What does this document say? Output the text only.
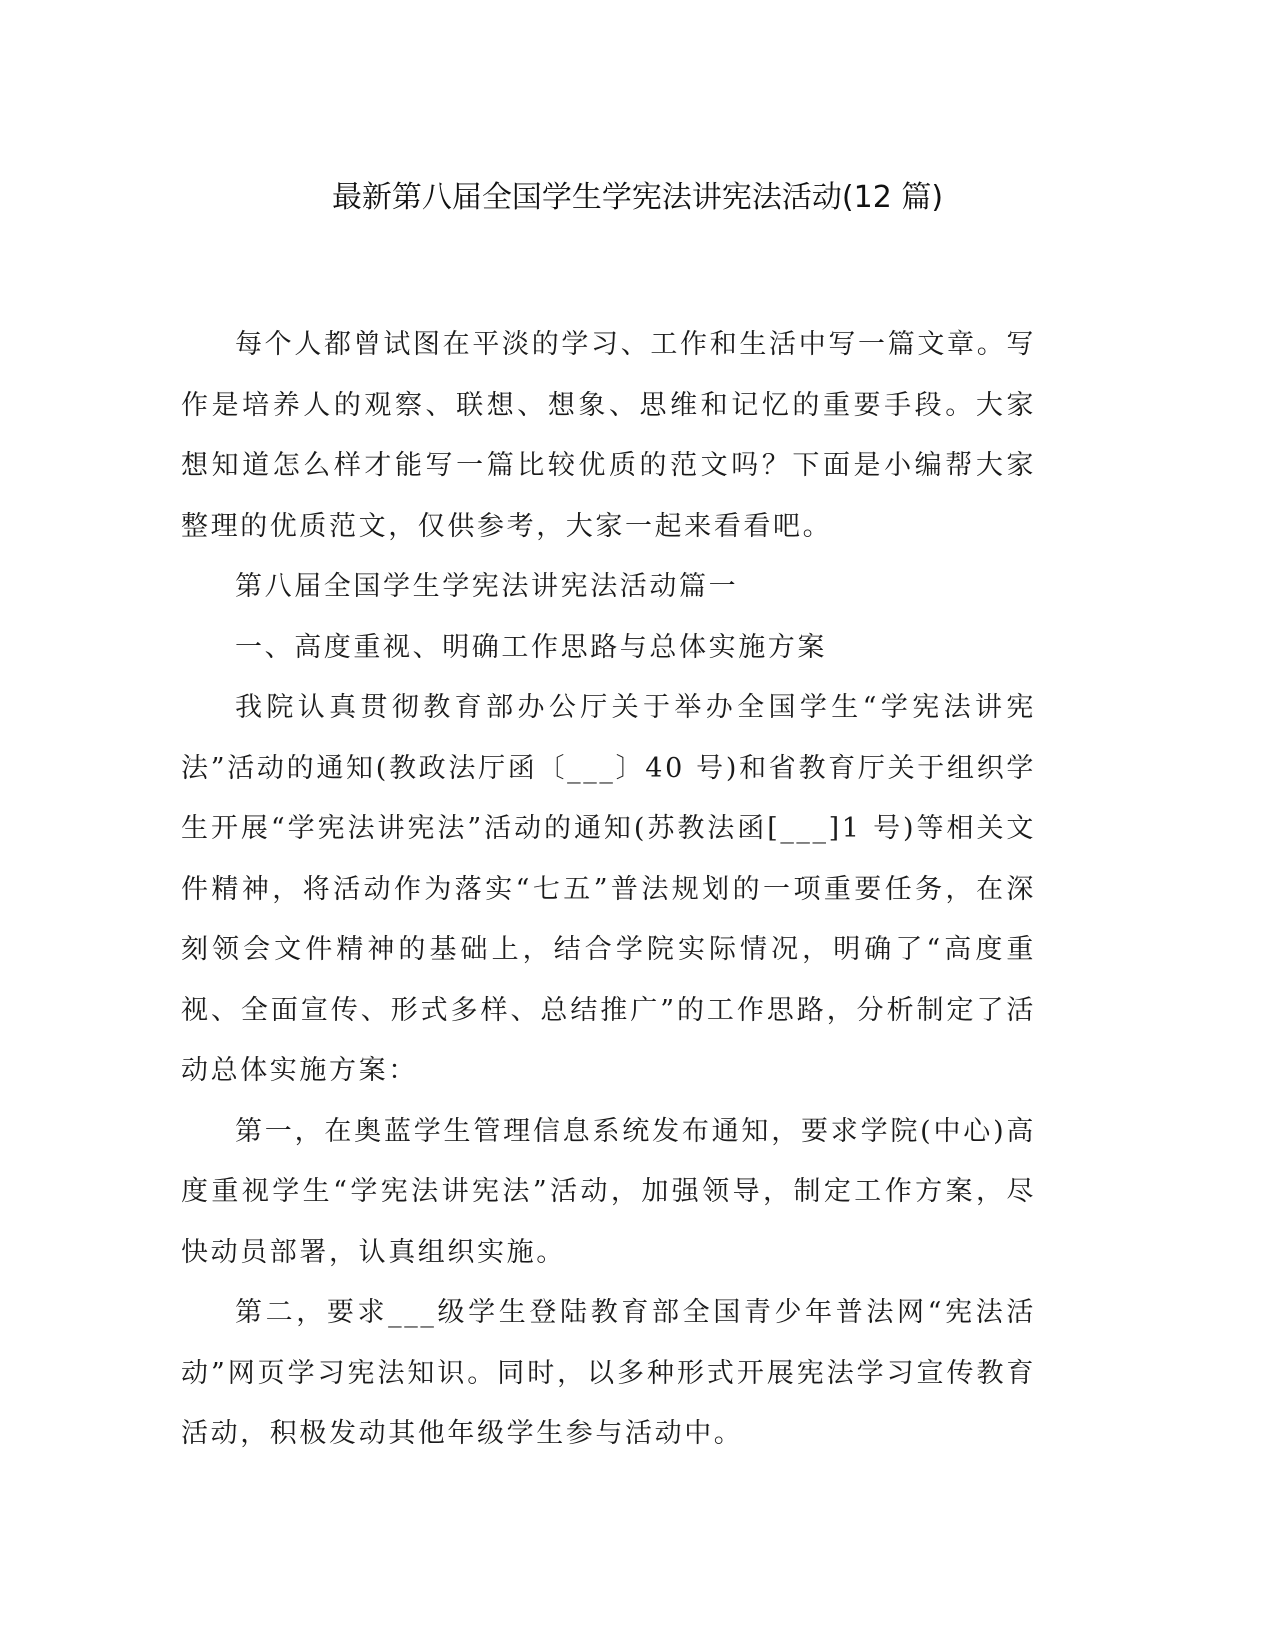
最新第八届全国学生学宪法讲宪法活动(12 篇)

每个人都曾试图在平淡的学习、工作和生活中写一篇文章。写作是培养人的观察、联想、想象、思维和记忆的重要手段。大家想知道怎么样才能写一篇比较优质的范文吗？下面是小编帮大家整理的优质范文，仅供参考，大家一起来看看吧。

第八届全国学生学宪法讲宪法活动篇一

一、高度重视、明确工作思路与总体实施方案

我院认真贯彻教育部办公厅关于举办全国学生“学宪法讲宪法”活动的通知(教政法厅函〔___〕40 号)和省教育厅关于组织学生开展“学宪法讲宪法”活动的通知(苏教法函[___]1 号)等相关文件精神，将活动作为落实“七五”普法规划的一项重要任务，在深刻领会文件精神的基础上，结合学院实际情况，明确了“高度重视、全面宣传、形式多样、总结推广”的工作思路，分析制定了活动总体实施方案：

第一，在奥蓝学生管理信息系统发布通知，要求学院(中心)高度重视学生“学宪法讲宪法”活动，加强领导，制定工作方案，尽快动员部署，认真组织实施。

第二，要求___级学生登陆教育部全国青少年普法网“宪法活动”网页学习宪法知识。同时，以多种形式开展宪法学习宣传教育活动，积极发动其他年级学生参与活动中。
